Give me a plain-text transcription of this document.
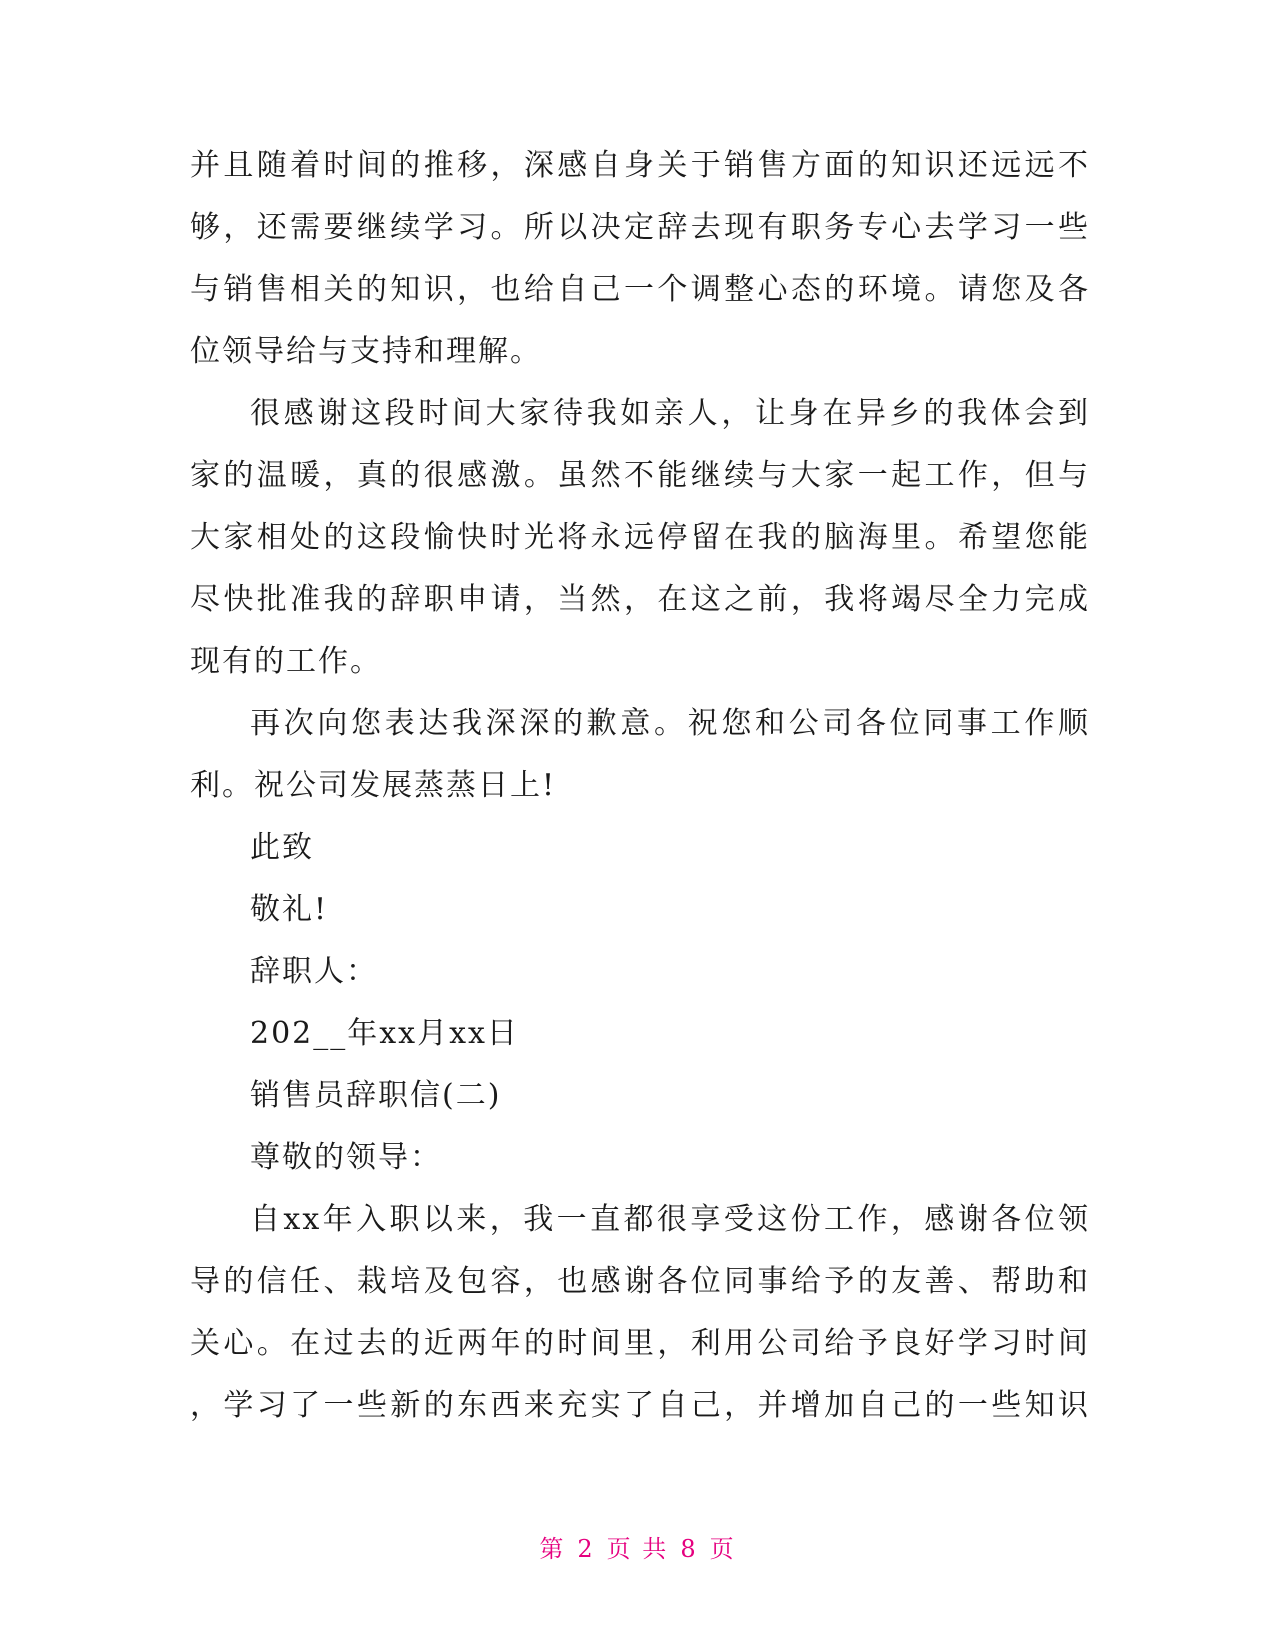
并且随着时间的推移，深感自身关于销售方面的知识还远远不
够，还需要继续学习。所以决定辞去现有职务专心去学习一些
与销售相关的知识，也给自己一个调整心态的环境。请您及各
位领导给与支持和理解。
很感谢这段时间大家待我如亲人，让身在异乡的我体会到
家的温暖，真的很感激。虽然不能继续与大家一起工作，但与
大家相处的这段愉快时光将永远停留在我的脑海里。希望您能
尽快批准我的辞职申请，当然，在这之前，我将竭尽全力完成
现有的工作。
再次向您表达我深深的歉意。祝您和公司各位同事工作顺
利。祝公司发展蒸蒸日上!
此致
敬礼!
辞职人：
202__年xx月xx日
销售员辞职信(二)
尊敬的领导：
自xx年入职以来，我一直都很享受这份工作，感谢各位领
导的信任、栽培及包容，也感谢各位同事给予的友善、帮助和
关心。在过去的近两年的时间里，利用公司给予良好学习时间
，学习了一些新的东西来充实了自己，并增加自己的一些知识
第 2 页 共 8 页
